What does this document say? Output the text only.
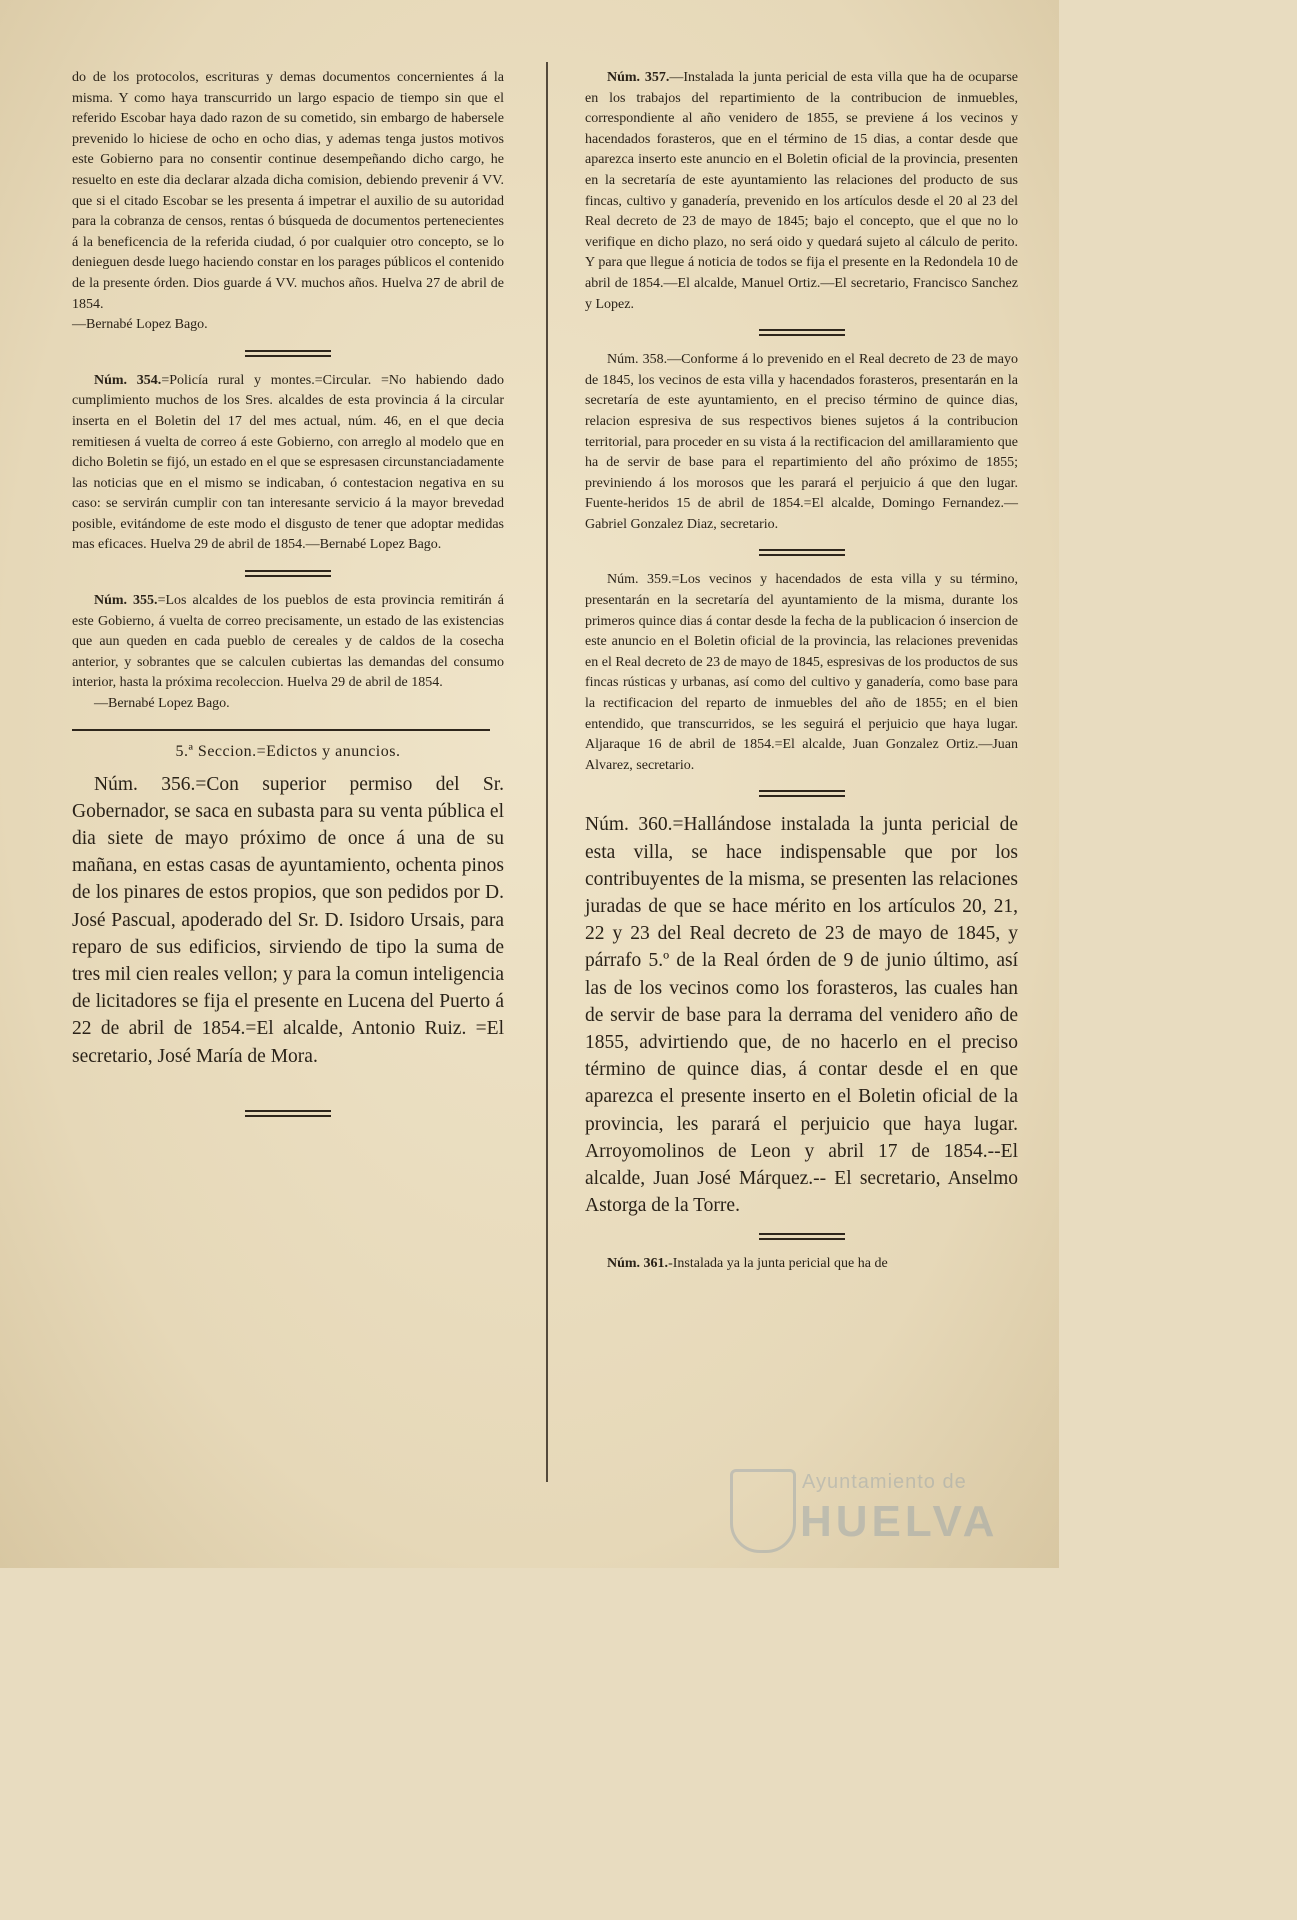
do de los protocolos, escrituras y demas documentos concernientes á la misma. Y como haya transcurrido un largo espacio de tiempo sin que el referido Escobar haya dado razon de su cometido, sin embargo de habersele prevenido lo hiciese de ocho en ocho dias, y ademas tenga justos motivos este Gobierno para no consentir continue desempeñando dicho cargo, he resuelto en este dia declarar alzada dicha comision, debiendo prevenir á VV. que si el citado Escobar se les presenta á impetrar el auxilio de su autoridad para la cobranza de censos, rentas ó búsqueda de documentos pertenecientes á la beneficencia de la referida ciudad, ó por cualquier otro concepto, se lo denieguen desde luego haciendo constar en los parages públicos el contenido de la presente órden. Dios guarde á VV. muchos años. Huelva 27 de abril de 1854.
—Bernabé Lopez Bago.

Núm. 354.=Policía rural y montes.=Circular. =No habiendo dado cumplimiento muchos de los Sres. alcaldes de esta provincia á la circular inserta en el Boletin del 17 del mes actual, núm. 46, en el que decia remitiesen á vuelta de correo á este Gobierno, con arreglo al modelo que en dicho Boletin se fijó, un estado en el que se espresasen circunstanciadamente las noticias que en el mismo se indicaban, ó contestacion negativa en su caso: se servirán cumplir con tan interesante servicio á la mayor brevedad posible, evitándome de este modo el disgusto de tener que adoptar medidas mas eficaces. Huelva 29 de abril de 1854.—Bernabé Lopez Bago.

Núm. 355.=Los alcaldes de los pueblos de esta provincia remitirán á este Gobierno, á vuelta de correo precisamente, un estado de las existencias que aun queden en cada pueblo de cereales y de caldos de la cosecha anterior, y sobrantes que se calculen cubiertas las demandas del consumo interior, hasta la próxima recoleccion. Huelva 29 de abril de 1854.
—Bernabé Lopez Bago.

5.ª Seccion.=Edictos y anuncios.

Núm. 356.=Con superior permiso del Sr. Gobernador, se saca en subasta para su venta pública el dia siete de mayo próximo de once á una de su mañana, en estas casas de ayuntamiento, ochenta pinos de los pinares de estos propios, que son pedidos por D. José Pascual, apoderado del Sr. D. Isidoro Ursais, para reparo de sus edificios, sirviendo de tipo la suma de tres mil cien reales vellon; y para la comun inteligencia de licitadores se fija el presente en Lucena del Puerto á 22 de abril de 1854.=El alcalde, Antonio Ruiz. =El secretario, José María de Mora.

Núm. 357.—Instalada la junta pericial de esta villa que ha de ocuparse en los trabajos del repartimiento de la contribucion de inmuebles, correspondiente al año venidero de 1855, se previene á los vecinos y hacendados forasteros, que en el término de 15 dias, a contar desde que aparezca inserto este anuncio en el Boletin oficial de la provincia, presenten en la secretaría de este ayuntamiento las relaciones del producto de sus fincas, cultivo y ganadería, prevenido en los artículos desde el 20 al 23 del Real decreto de 23 de mayo de 1845; bajo el concepto, que el que no lo verifique en dicho plazo, no será oido y quedará sujeto al cálculo de perito. Y para que llegue á noticia de todos se fija el presente en la Redondela 10 de abril de 1854.—El alcalde, Manuel Ortiz.—El secretario, Francisco Sanchez y Lopez.

Núm. 358.—Conforme á lo prevenido en el Real decreto de 23 de mayo de 1845, los vecinos de esta villa y hacendados forasteros, presentarán en la secretaría de este ayuntamiento, en el preciso término de quince dias, relacion espresiva de sus respectivos bienes sujetos á la contribucion territorial, para proceder en su vista á la rectificacion del amillaramiento que ha de servir de base para el repartimiento del año próximo de 1855; previniendo á los morosos que les parará el perjuicio á que den lugar. Fuente-heridos 15 de abril de 1854.=El alcalde, Domingo Fernandez.—Gabriel Gonzalez Diaz, secretario.

Núm. 359.=Los vecinos y hacendados de esta villa y su término, presentarán en la secretaría del ayuntamiento de la misma, durante los primeros quince dias á contar desde la fecha de la publicacion ó insercion de este anuncio en el Boletin oficial de la provincia, las relaciones prevenidas en el Real decreto de 23 de mayo de 1845, espresivas de los productos de sus fincas rústicas y urbanas, así como del cultivo y ganadería, como base para la rectificacion del reparto de inmuebles del año de 1855; en el bien entendido, que transcurridos, se les seguirá el perjuicio que haya lugar. Aljaraque 16 de abril de 1854.=El alcalde, Juan Gonzalez Ortiz.—Juan Alvarez, secretario.

Núm. 360.=Hallándose instalada la junta pericial de esta villa, se hace indispensable que por los contribuyentes de la misma, se presenten las relaciones juradas de que se hace mérito en los artículos 20, 21, 22 y 23 del Real decreto de 23 de mayo de 1845, y párrafo 5.º de la Real órden de 9 de junio último, así las de los vecinos como los forasteros, las cuales han de servir de base para la derrama del venidero año de 1855, advirtiendo que, de no hacerlo en el preciso término de quince dias, á contar desde el en que aparezca el presente inserto en el Boletin oficial de la provincia, les parará el perjuicio que haya lugar. Arroyomolinos de Leon y abril 17 de 1854.--El alcalde, Juan José Márquez.-- El secretario, Anselmo Astorga de la Torre.

Núm. 361.-Instalada ya la junta pericial que ha de

Ayuntamiento de
HUELVA
